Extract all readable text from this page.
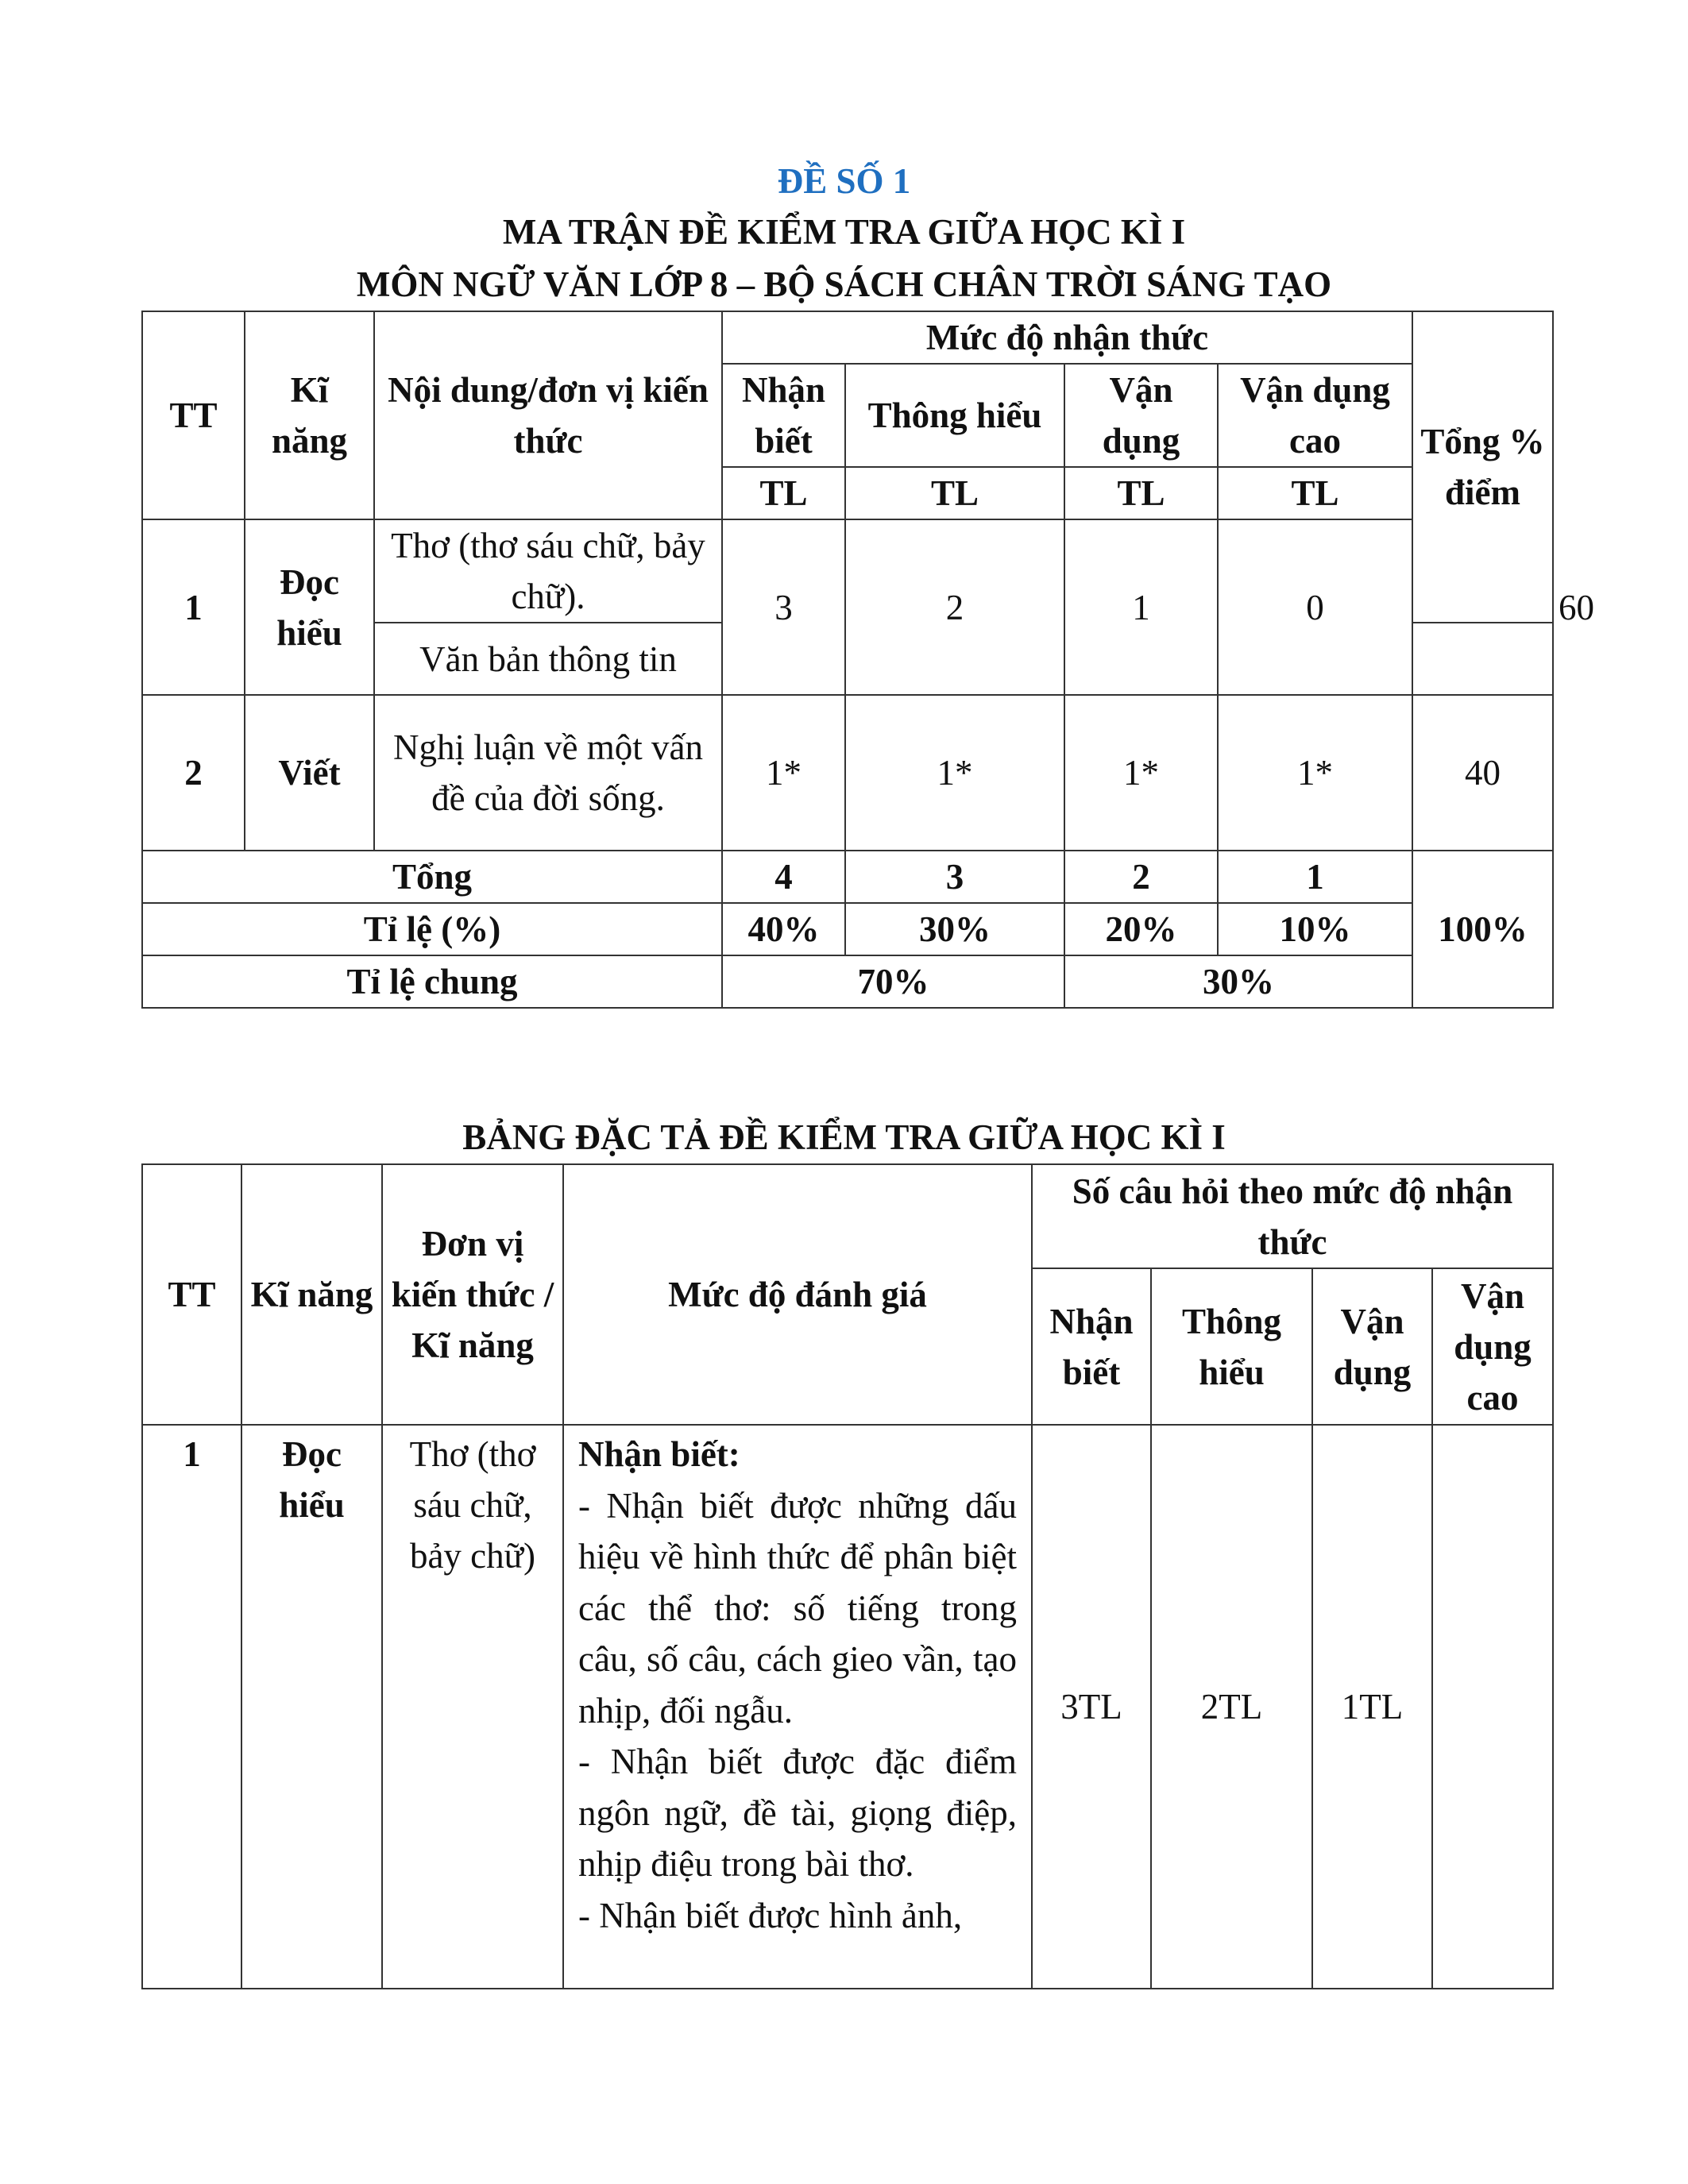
ĐỀ SỐ 1
MA TRẬN ĐỀ KIỂM TRA GIỮA HỌC KÌ I
MÔN NGỮ VĂN LỚP 8 – BỘ SÁCH CHÂN TRỜI SÁNG TẠO
TT	Kĩ năng	Nội dung/đơn vị kiến thức	Mức độ nhận thức				Tổng % điểm	
			Nhận biết	Thông hiểu	Vận dụng	Vận dụng cao		
			TL	TL	TL	TL		
1	Đọc hiểu	Thơ (thơ sáu chữ, bảy chữ).	3	2	1	0		60
		Văn bản thông tin						
2	Viết	Nghị luận về một vấn đề của đời sống.	1*	1*	1*	1*	40	
Tổng			4	3	2	1	100%	
Tỉ lệ (%)			40%	30%	20%	10%		
Tỉ lệ chung			70%		30%			
BẢNG ĐẶC TẢ ĐỀ KIỂM TRA GIỮA HỌC KÌ I
TT	Kĩ năng	Đơn vị kiến thức / Kĩ năng	Mức độ đánh giá	Số câu hỏi theo mức độ nhận thức			
				Nhận biết	Thông hiểu	Vận dụng	Vận dụng cao
1	Đọc hiểu	Thơ (thơ sáu chữ, bảy chữ)	Nhận biết:
- Nhận biết được những dấu hiệu về hình thức để phân biệt các thể thơ: số tiếng trong câu, số câu, cách gieo vần, tạo nhịp, đối ngẫu.
- Nhận biết được đặc điểm ngôn ngữ, đề tài, giọng điệp, nhịp điệu trong bài thơ.
- Nhận biết được hình ảnh,	3TL	2TL	1TL	
